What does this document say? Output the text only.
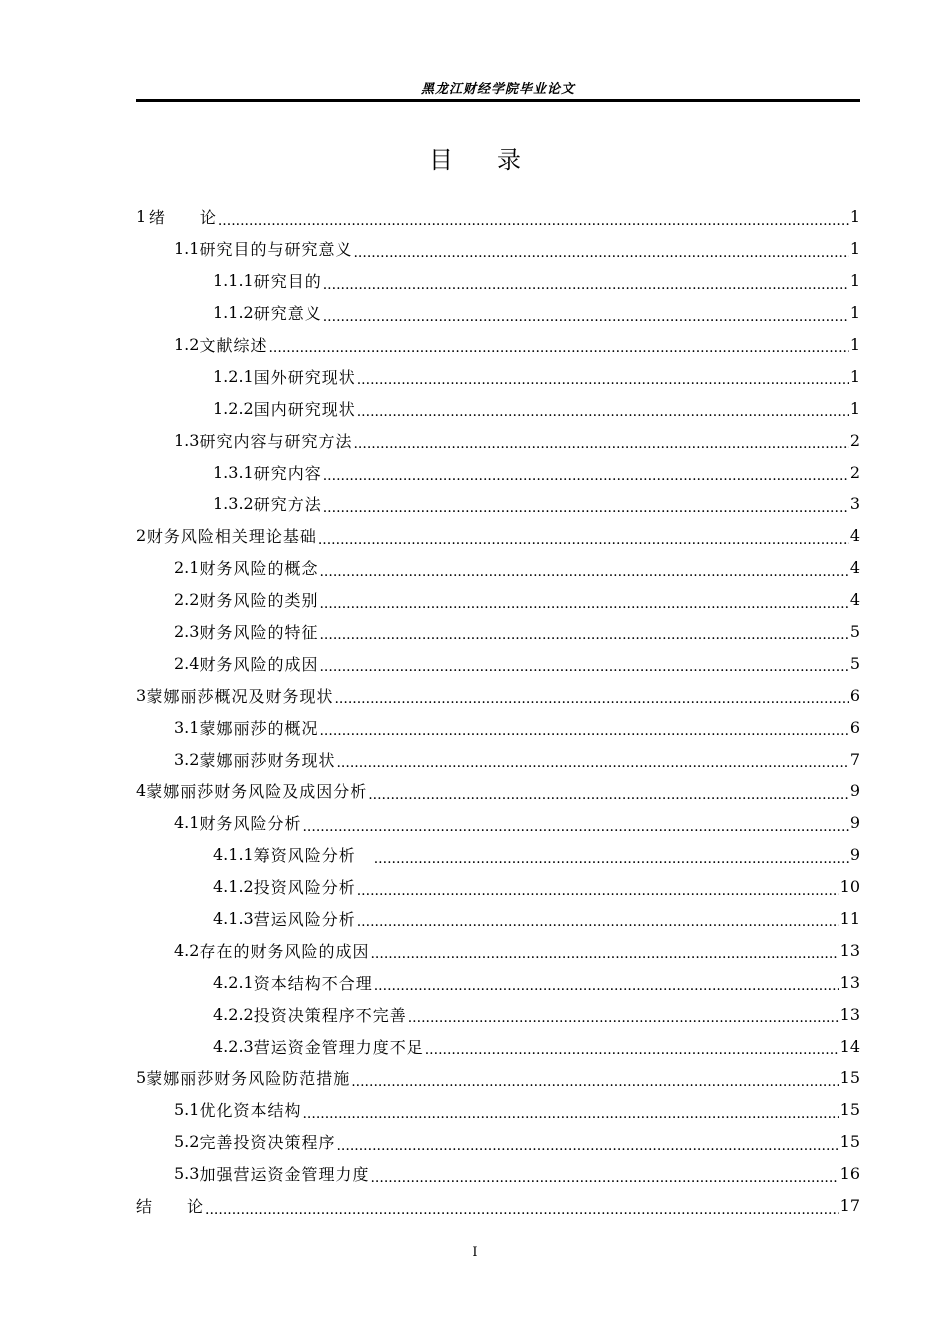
黑龙江财经学院毕业论文
目录
1 绪　　论 .....	1
1.1 研究目的与研究意义 .....	1
1.1.1 研究目的 .....	1
1.1.2 研究意义 .....	1
1.2 文献综述 .....	1
1.2.1 国外研究现状 .....	1
1.2.2 国内研究现状 .....	1
1.3 研究内容与研究方法 .....	2
1.3.1 研究内容 .....	2
1.3.2 研究方法 .....	3
2 财务风险相关理论基础 .....	4
2.1 财务风险的概念 .....	4
2.2 财务风险的类别 .....	4
2.3 财务风险的特征 .....	5
2.4 财务风险的成因 .....	5
3 蒙娜丽莎概况及财务现状 .....	6
3.1 蒙娜丽莎的概况 .....	6
3.2 蒙娜丽莎财务现状 .....	7
4 蒙娜丽莎财务风险及成因分析 .....	9
4.1 财务风险分析 .....	9
4.1.1 筹资风险分析　 .....	9
4.1.2 投资风险分析 .....	10
4.1.3 营运风险分析 .....	11
4.2 存在的财务风险的成因 .....	13
4.2.1 资本结构不合理 .....	13
4.2.2 投资决策程序不完善 .....	13
4.2.3 营运资金管理力度不足 .....	14
5 蒙娜丽莎财务风险防范措施 .....	15
5.1 优化资本结构 .....	15
5.2 完善投资决策程序 .....	15
5.3 加强营运资金管理力度 .....	16
结　　论 .....	17
I
